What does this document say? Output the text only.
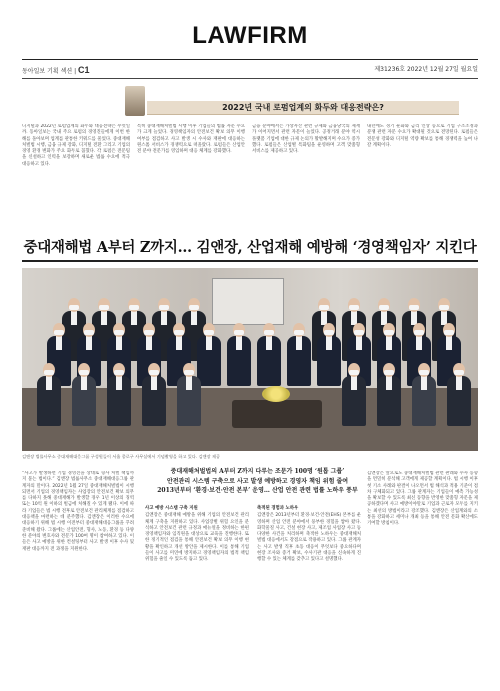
LAWFIRM
동아일보 기획 섹션 | C1	제31236호 2022년 12월 27일 월요일
2022년 국내 로펌업계의 화두와 대응전략은?
디지털과 2022년 로펌업계의 화두와 대응전략은 무엇일까. 동아일보는 국내 주요 로펌의 경영진들에게 이번 한 해를 돌아보며 업계를 관통한 키워드를 물었다. 중대재해처벌법 시행, 금융 규제 강화, 디지털 전환 그리고 기업의 경영 환경 변화가 주요 화두로 꼽혔다. 각 로펌은 전문팀을 신설하고 인력을 보강하며 새로운 법률 수요에 적극 대응하고 있다.
특히 중대재해처벌법 시행 이후 기업들의 법률 자문 수요가 크게 늘었다. 경영책임자의 안전보건 확보 의무 이행 여부를 점검하고 사고 발생 시 수사와 재판에 대응하는 원스톱 서비스가 경쟁력으로 떠올랐다. 로펌들은 산업안전 분야 전문가를 영입하며 대응 체계를 강화했다.
금융 분야에서는 가상자산 관련 규제와 금융당국의 제재가 이어지면서 관련 자문이 늘었다. 공정거래 분야 역시 플랫폼 기업에 대한 규제 논의가 활발해지며 수요가 증가했다. 로펌들은 산업별 특화팀을 운영하며 고객 맞춤형 서비스를 제공하고 있다.
내년에도 경기 둔화와 금리 인상 등으로 기업 구조조정과 분쟁 관련 자문 수요가 확대될 것으로 전망된다. 로펌들은 전문성 강화와 디지털 역량 확보를 통해 경쟁력을 높여 나갈 계획이다.
중대재해법 A부터 Z까지… 김앤장, 산업재해 예방해 ‘경영책임자’ 지킨다
김앤장 법률사무소 중대재해대응그룹 구성원들이 서울 종로구 사무실에서 기념촬영을 하고 있다. 김앤장 제공
중대재해처벌법의 A부터 Z까지 다루는 조문가 100명 ‘원톱 그룹’
안전관리 시스템 구축으로 사고 발생 예방하고 경영자 책임 위험 줄여
2013년부터 ‘환경·보건·안전 본부’ 운영… 산업 안전 관련 법률 노하우 풍부
“사고가 발생하면 기업 경영진을 상대로 형사 처벌 책임까지 묻는 법이다.” 김앤장 법률사무소 중대재해대응그룹 관계자의 말이다. 2022년 1월 27일 중대재해처벌법이 시행되면서 기업의 경영책임자는 사업장의 안전보건 확보 의무를 다하지 못해 중대재해가 발생할 경우 1년 이상의 징역 또는 10억 원 이하의 벌금에 처해질 수 있게 됐다. 이에 따라 기업들은 법 시행 전후로 안전보건 관리체계를 점검하고 대응책을 마련하는 데 분주했다. 김앤장은 이러한 수요에 대응하기 위해 법 시행 이전부터 중대재해대응그룹을 꾸려 준비해 왔다. 그룹에는 산업안전, 형사, 노동, 환경 등 다양한 분야의 변호사와 전문가 100여 명이 참여하고 있다. 이들은 사고 예방을 위한 컨설팅부터 사고 발생 이후 수사 및 재판 대응까지 전 과정을 지원한다.
사고 예방 시스템 구축 지원
김앤장은 중대재해 예방을 위해 기업의 안전보건 관리체계 구축을 지원하고 있다. 사업장별 위험 요인을 분석하고 안전보건 관련 규정과 매뉴얼을 정비하는 한편 경영책임자와 임직원을 대상으로 교육을 진행한다. 또한 정기적인 점검을 통해 안전보건 확보 의무 이행 현황을 확인하고 개선 방안을 제시한다. 이를 통해 기업들이 사고를 미연에 방지하고 경영책임자의 법적 책임 위험을 줄일 수 있도록 돕고 있다.
축적된 경험과 노하우
김앤장은 2013년부터 환경·보건·안전(EHS) 본부를 운영하며 산업 안전 분야에서 풍부한 경험을 쌓아 왔다. 화학물질 사고, 건설 현장 사고, 제조업 사업장 사고 등 다양한 사건을 처리하며 축적한 노하우는 중대재해처벌법 대응에서도 강점으로 작용하고 있다. 그룹 관계자는 사고 발생 직후 초동 대응이 무엇보다 중요하다며 현장 조사와 증거 확보, 수사기관 대응을 신속하게 진행할 수 있는 체계를 갖추고 있다고 설명했다.
김앤장은 앞으로도 중대재해처벌법 관련 판례와 수사 동향을 면밀히 분석해 고객에게 제공할 계획이다. 법 시행 이후 첫 기소 사례와 판결이 나오면서 법 해석과 적용 기준이 점차 구체화되고 있다. 그룹 관계자는 기업들이 예측 가능성을 확보할 수 있도록 최신 동향을 반영한 맞춤형 자문을 제공하겠다며 사고 예방이야말로 기업과 근로자 모두를 지키는 최선의 방법이라고 강조했다. 김앤장은 산업계와의 소통을 강화하고 세미나 개최 등을 통해 안전 문화 확산에도 기여할 방침이다.
